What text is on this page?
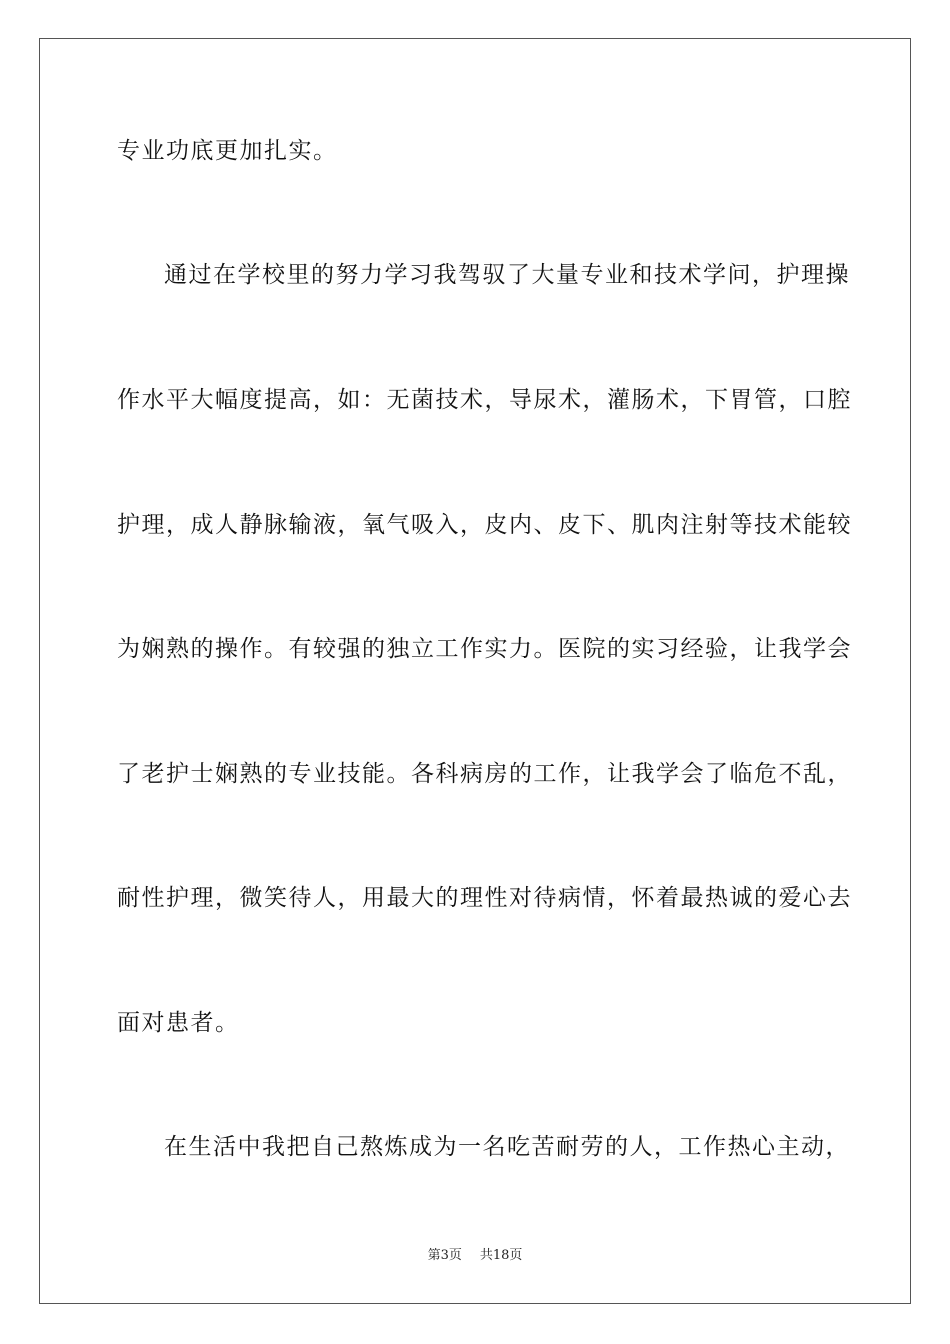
专业功底更加扎实。
通过在学校里的努力学习我驾驭了大量专业和技术学问，护理操
作水平大幅度提高，如：无菌技术，导尿术，灌肠术，下胃管，口腔
护理，成人静脉输液，氧气吸入，皮内、皮下、肌肉注射等技术能较
为娴熟的操作。有较强的独立工作实力。医院的实习经验，让我学会
了老护士娴熟的专业技能。各科病房的工作，让我学会了临危不乱，
耐性护理，微笑待人，用最大的理性对待病情，怀着最热诚的爱心去
面对患者。
在生活中我把自己熬炼成为一名吃苦耐劳的人，工作热心主动，
第3页 共18页
